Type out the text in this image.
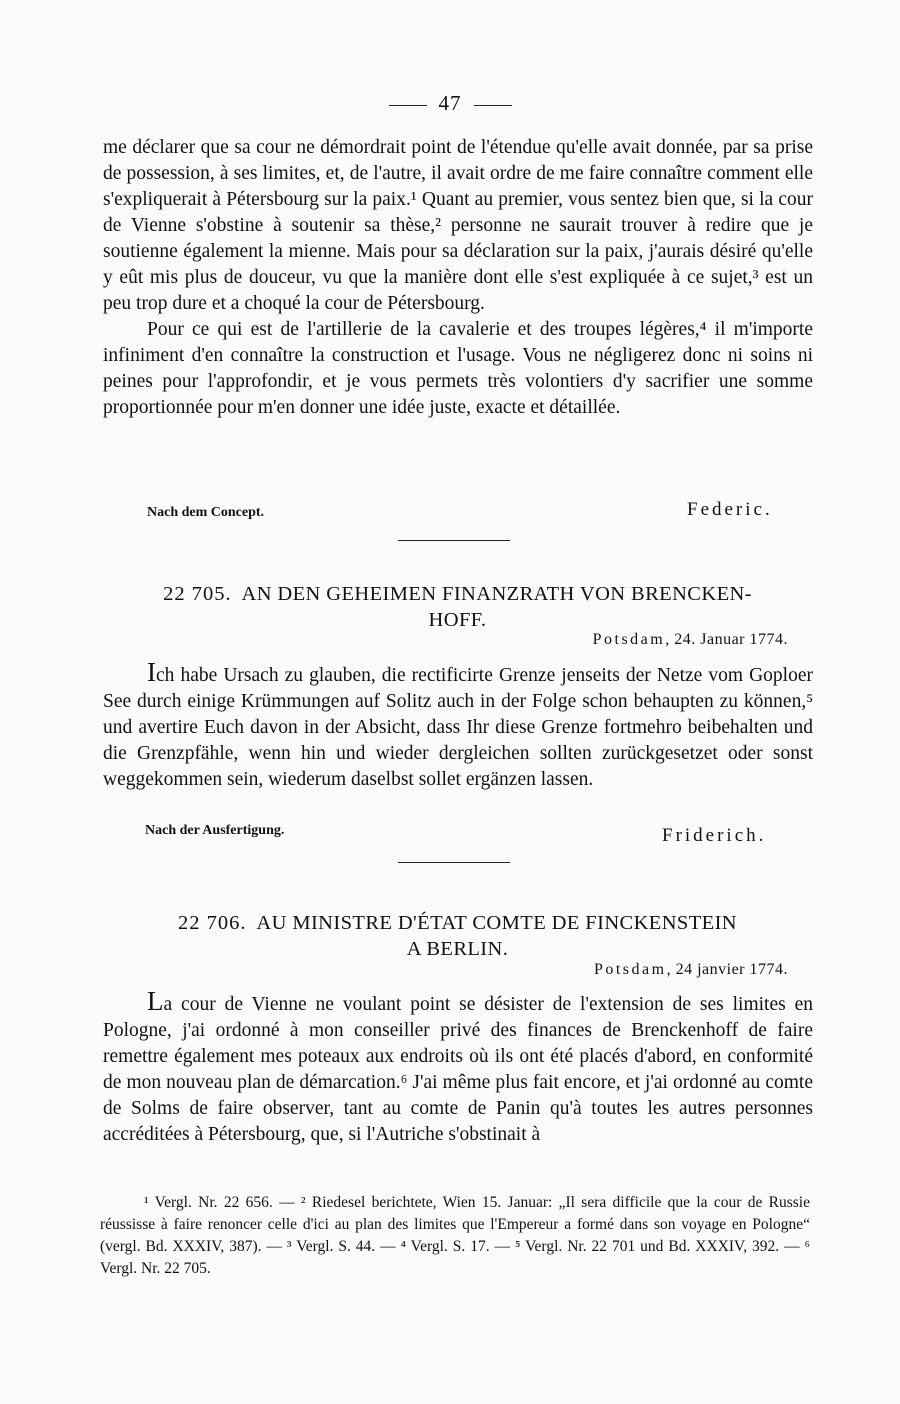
47

me déclarer que sa cour ne démordrait point de l'étendue qu'elle avait donnée, par sa prise de possession, à ses limites, et, de l'autre, il avait ordre de me faire connaître comment elle s'expliquerait à Pétersbourg sur la paix.¹ Quant au premier, vous sentez bien que, si la cour de Vienne s'obstine à soutenir sa thèse,² personne ne saurait trouver à redire que je soutienne également la mienne. Mais pour sa déclaration sur la paix, j'aurais désiré qu'elle y eût mis plus de douceur, vu que la manière dont elle s'est expliquée à ce sujet,³ est un peu trop dure et a choqué la cour de Pétersbourg.

Pour ce qui est de l'artillerie de la cavalerie et des troupes légères,⁴ il m'importe infiniment d'en connaître la construction et l'usage. Vous ne négligerez donc ni soins ni peines pour l'approfondir, et je vous permets très volontiers d'y sacrifier une somme proportionnée pour m'en donner une idée juste, exacte et détaillée.

Nach dem Concept.	Federic.
22 705. AN DEN GEHEIMEN FINANZRATH VON BRENCKEN-
HOFF.
Potsdam, 24. Januar 1774.

Ich habe Ursach zu glauben, die rectificirte Grenze jenseits der Netze vom Goploer See durch einige Krümmungen auf Solitz auch in der Folge schon behaupten zu können,⁵ und avertire Euch davon in der Absicht, dass Ihr diese Grenze fortmehro beibehalten und die Grenzpfähle, wenn hin und wieder dergleichen sollten zurückgesetzet oder sonst weggekommen sein, wiederum daselbst sollet ergänzen lassen.

Nach der Ausfertigung.	Friderich.
22 706. AU MINISTRE D'ÉTAT COMTE DE FINCKENSTEIN
A BERLIN.
Potsdam, 24 janvier 1774.

La cour de Vienne ne voulant point se désister de l'extension de ses limites en Pologne, j'ai ordonné à mon conseiller privé des finances de Brenckenhoff de faire remettre également mes poteaux aux endroits où ils ont été placés d'abord, en conformité de mon nouveau plan de démarcation.⁶ J'ai même plus fait encore, et j'ai ordonné au comte de Solms de faire observer, tant au comte de Panin qu'à toutes les autres personnes accréditées à Pétersbourg, que, si l'Autriche s'obstinait à

¹ Vergl. Nr. 22 656. — ² Riedesel berichtete, Wien 15. Januar: „Il sera difficile que la cour de Russie réussisse à faire renoncer celle d'ici au plan des limites que l'Empereur a formé dans son voyage en Pologne“ (vergl. Bd. XXXIV, 387). — ³ Vergl. S. 44. — ⁴ Vergl. S. 17. — ⁵ Vergl. Nr. 22 701 und Bd. XXXIV, 392. — ⁶ Vergl. Nr. 22 705.
